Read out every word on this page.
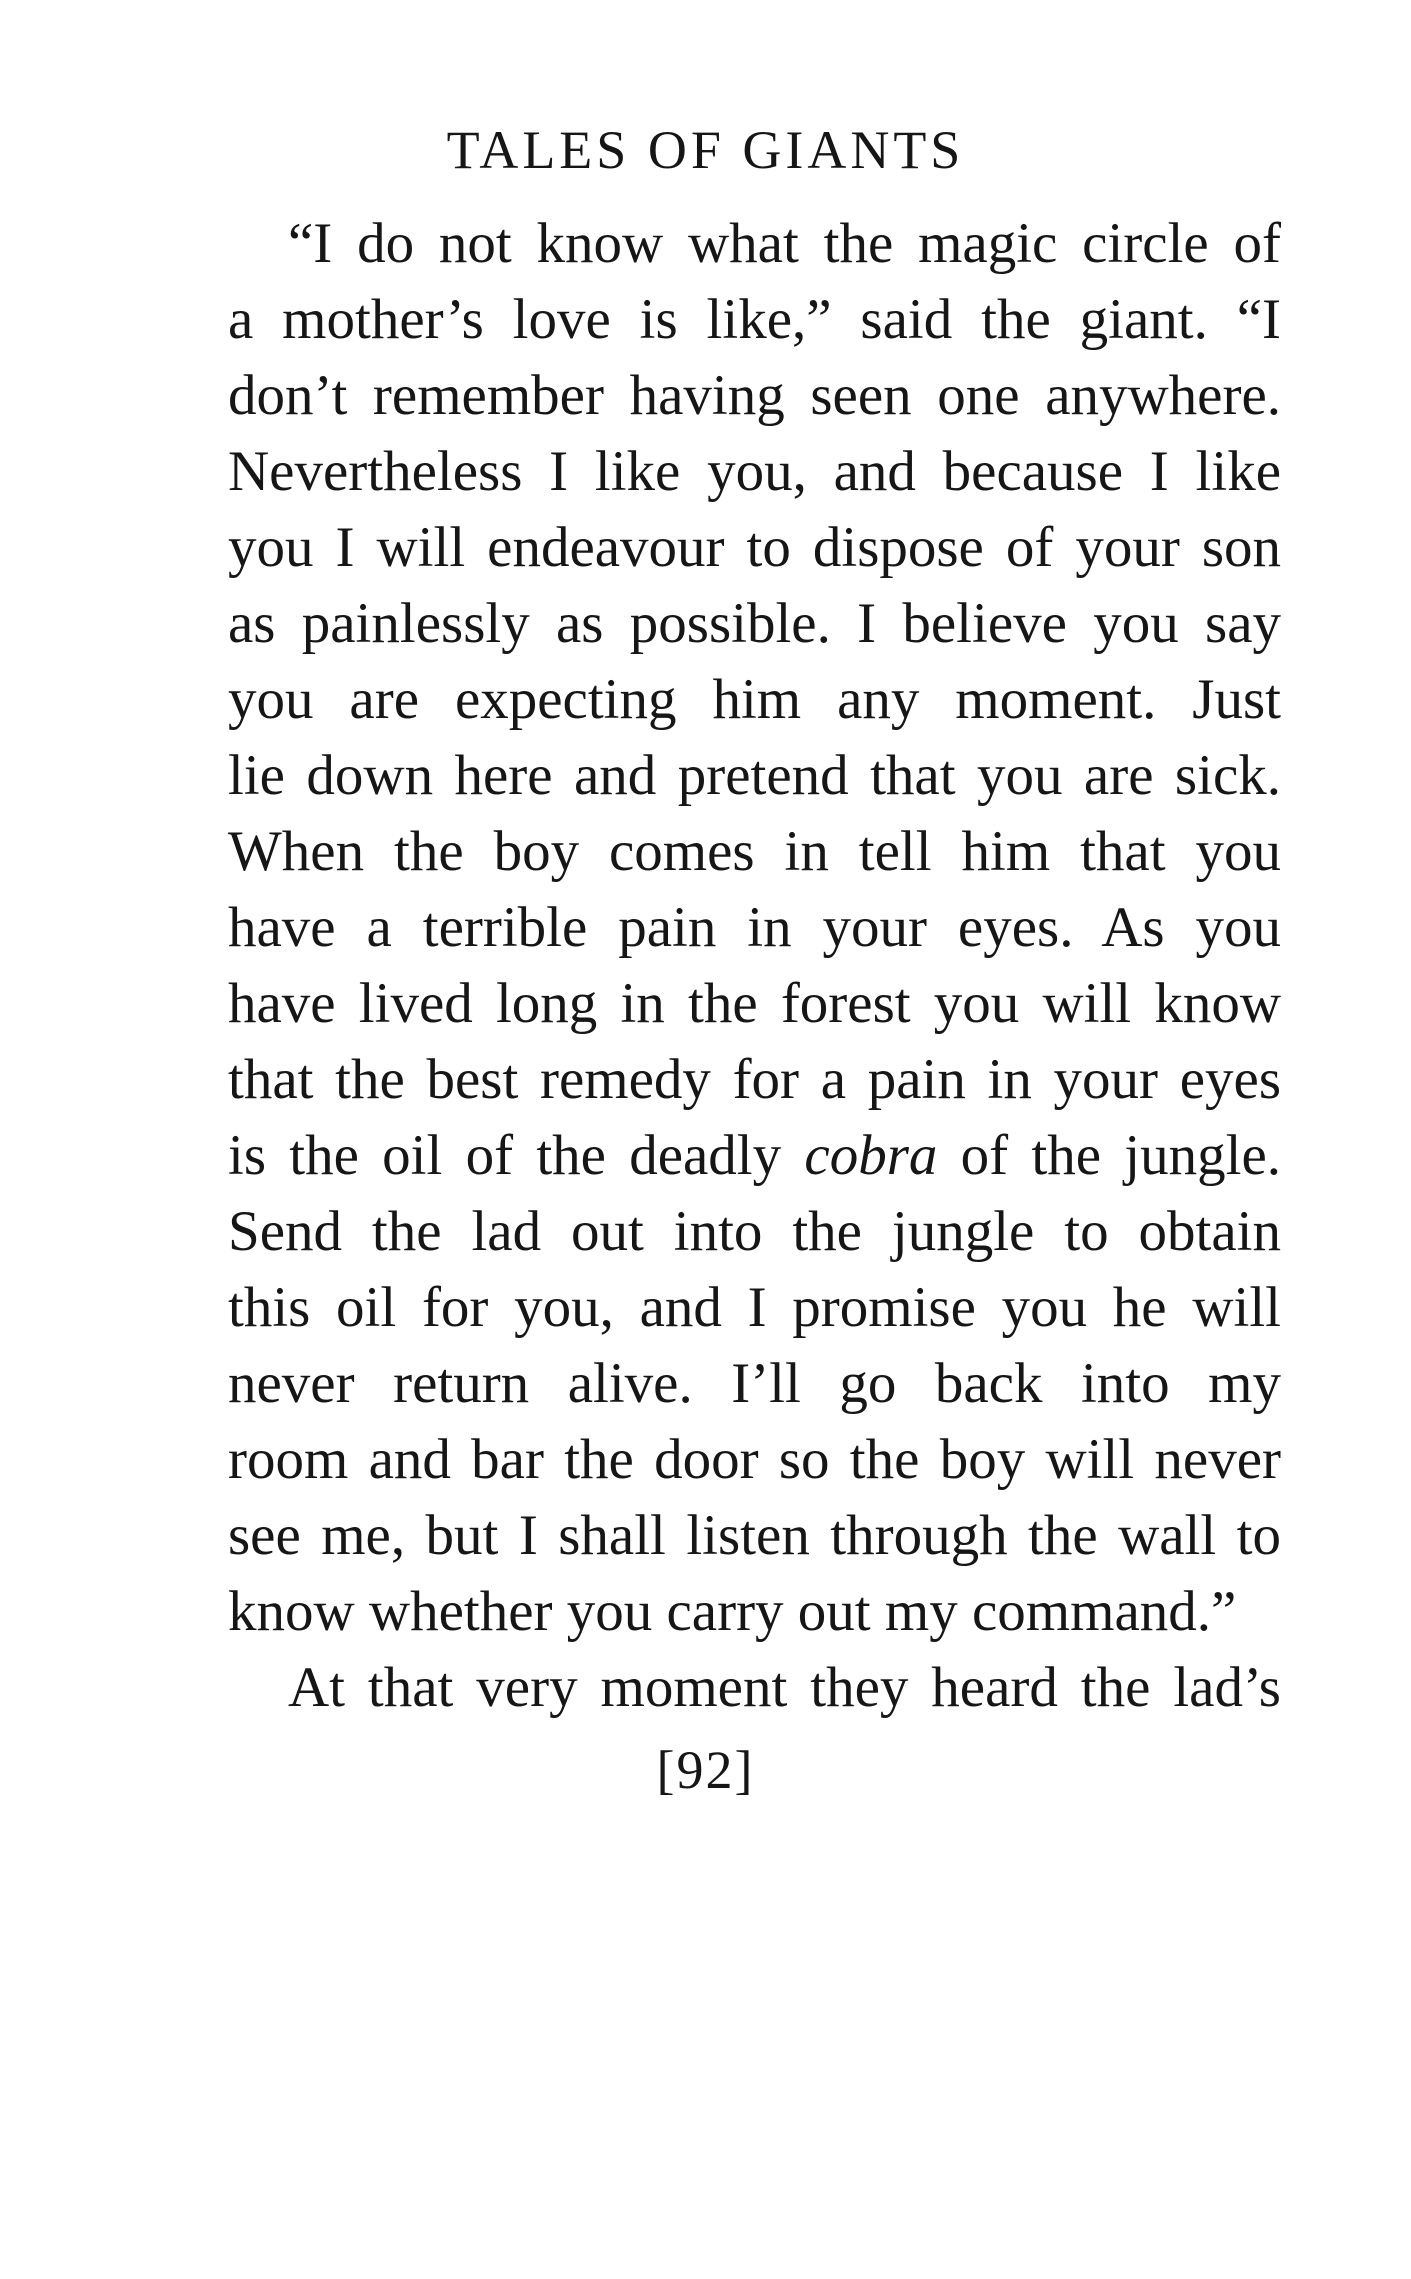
TALES OF GIANTS
“I do not know what the magic circle of
a mother’s love is like,” said the giant. “I
don’t remember having seen one anywhere.
Nevertheless I like you, and because I like
you I will endeavour to dispose of your son
as painlessly as possible. I believe you say
you are expecting him any moment. Just
lie down here and pretend that you are sick.
When the boy comes in tell him that you
have a terrible pain in your eyes. As you
have lived long in the forest you will know
that the best remedy for a pain in your eyes
is the oil of the deadly cobra of the jungle.
Send the lad out into the jungle to obtain
this oil for you, and I promise you he will
never return alive. I’ll go back into my
room and bar the door so the boy will never
see me, but I shall listen through the wall to
know whether you carry out my command.”
At that very moment they heard the lad’s
[92]
